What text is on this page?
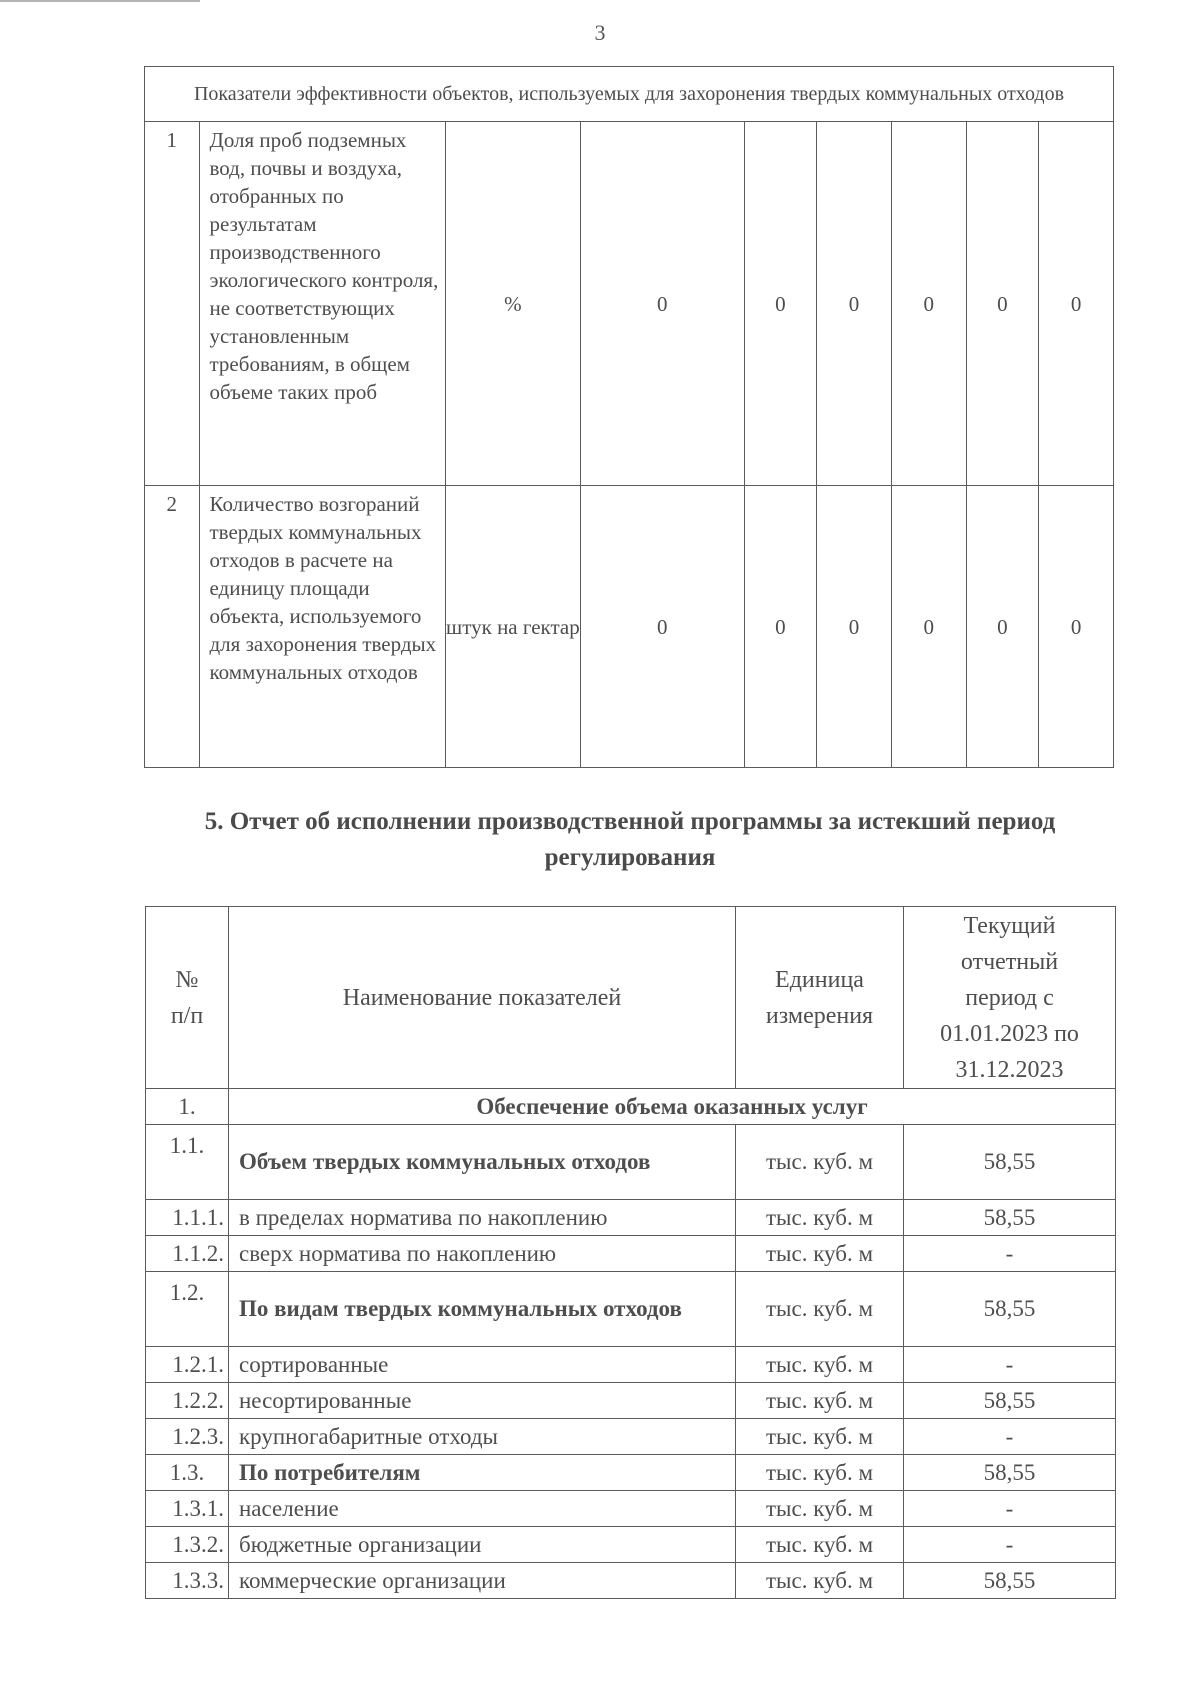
3
Показатели эффективности объектов, используемых для захоронения твердых коммунальных отходов								
1	Доля проб подземных вод, почвы и воздуха, отобранных по результатам производственного экологического контроля, не соответствующих установленным требованиям, в общем объеме таких проб	%	0	0	0	0	0	0
2	Количество возгораний твердых коммунальных отходов в расчете на единицу площади объекта, используемого для захоронения твердых коммунальных отходов	штук на гектар	0	0	0	0	0	0
5. Отчет об исполнении производственной программы за истекший период регулирования
№ п/п	Наименование показателей	Единица измерения	Текущий отчетный период с 01.01.2023 по 31.12.2023
1.	Обеспечение объема оказанных услуг		
1.1.	Объем твердых коммунальных отходов	тыс. куб. м	58,55
1.1.1.	в пределах норматива по накоплению	тыс. куб. м	58,55
1.1.2.	сверх норматива по накоплению	тыс. куб. м	-
1.2.	По видам твердых коммунальных отходов	тыс. куб. м	58,55
1.2.1.	сортированные	тыс. куб. м	-
1.2.2.	несортированные	тыс. куб. м	58,55
1.2.3.	крупногабаритные отходы	тыс. куб. м	-
1.3.	По потребителям	тыс. куб. м	58,55
1.3.1.	население	тыс. куб. м	-
1.3.2.	бюджетные организации	тыс. куб. м	-
1.3.3.	коммерческие организации	тыс. куб. м	58,55
